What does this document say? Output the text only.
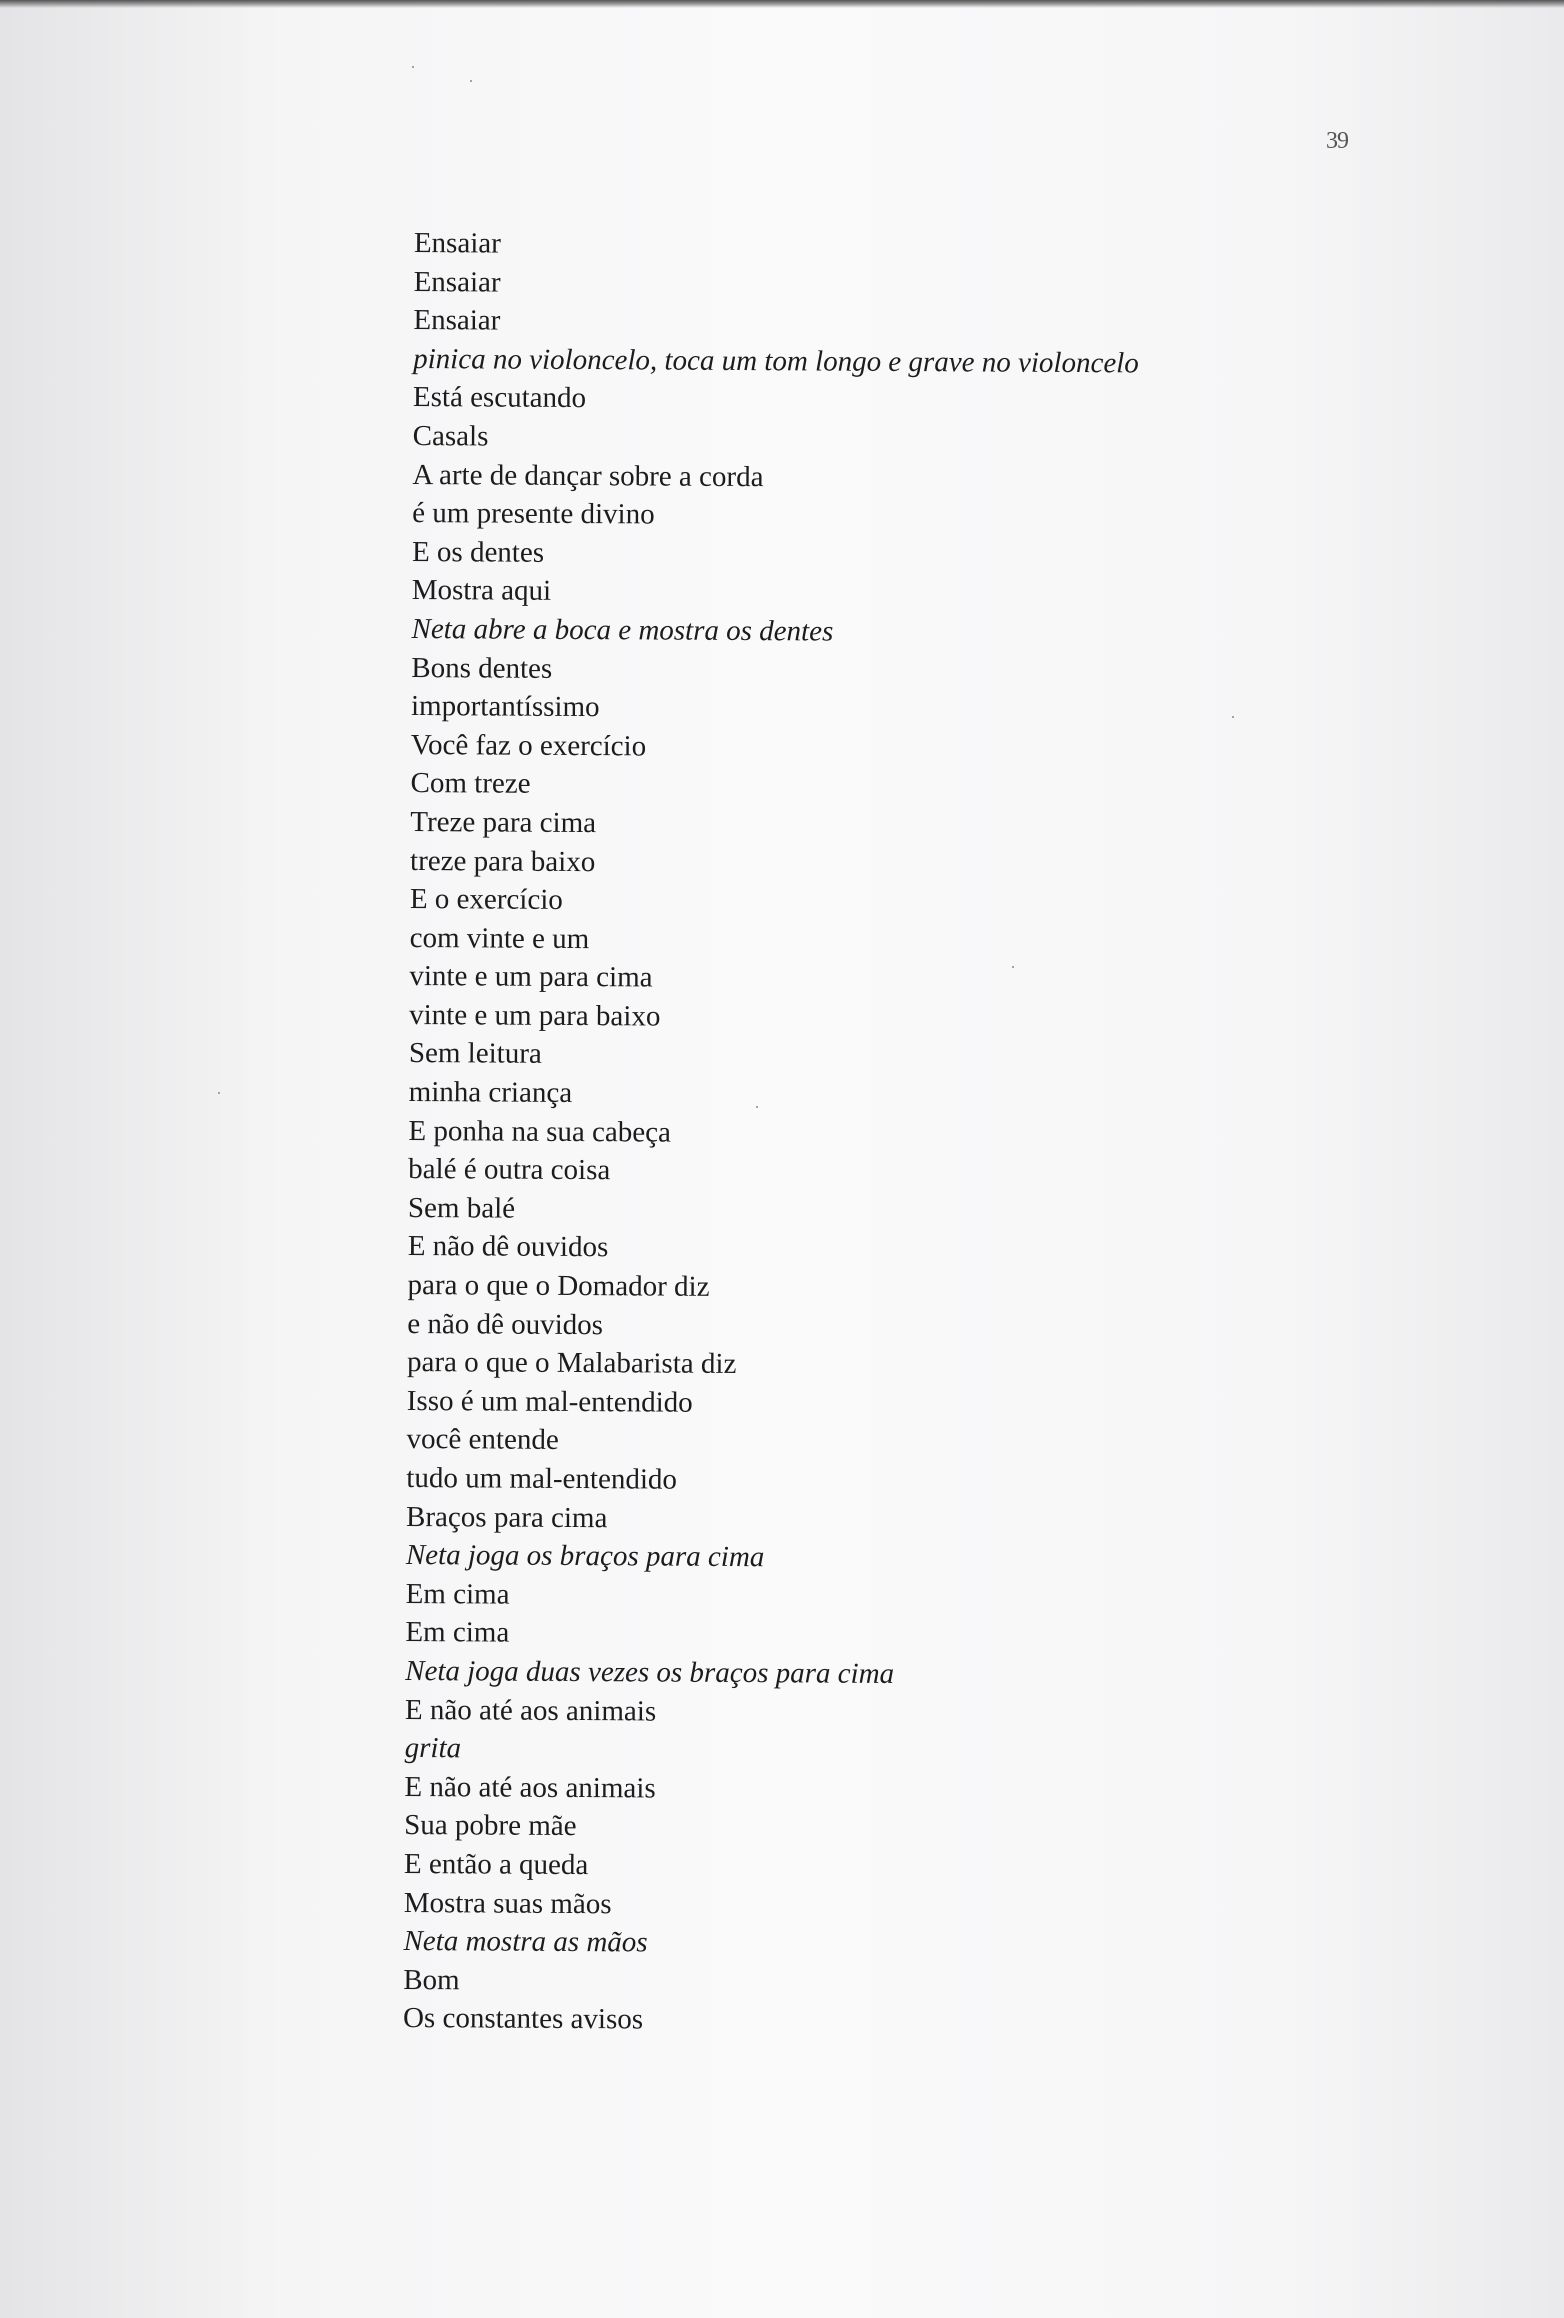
39
Ensaiar
Ensaiar
Ensaiar
pinica no violoncelo, toca um tom longo e grave no violoncelo
Está escutando
Casals
A arte de dançar sobre a corda
é um presente divino
E os dentes
Mostra aqui
Neta abre a boca e mostra os dentes
Bons dentes
importantíssimo
Você faz o exercício
Com treze
Treze para cima
treze para baixo
E o exercício
com vinte e um
vinte e um para cima
vinte e um para baixo
Sem leitura
minha criança
E ponha na sua cabeça
balé é outra coisa
Sem balé
E não dê ouvidos
para o que o Domador diz
e não dê ouvidos
para o que o Malabarista diz
Isso é um mal-entendido
você entende
tudo um mal-entendido
Braços para cima
Neta joga os braços para cima
Em cima
Em cima
Neta joga duas vezes os braços para cima
E não até aos animais
grita
E não até aos animais
Sua pobre mãe
E então a queda
Mostra suas mãos
Neta mostra as mãos
Bom
Os constantes avisos
